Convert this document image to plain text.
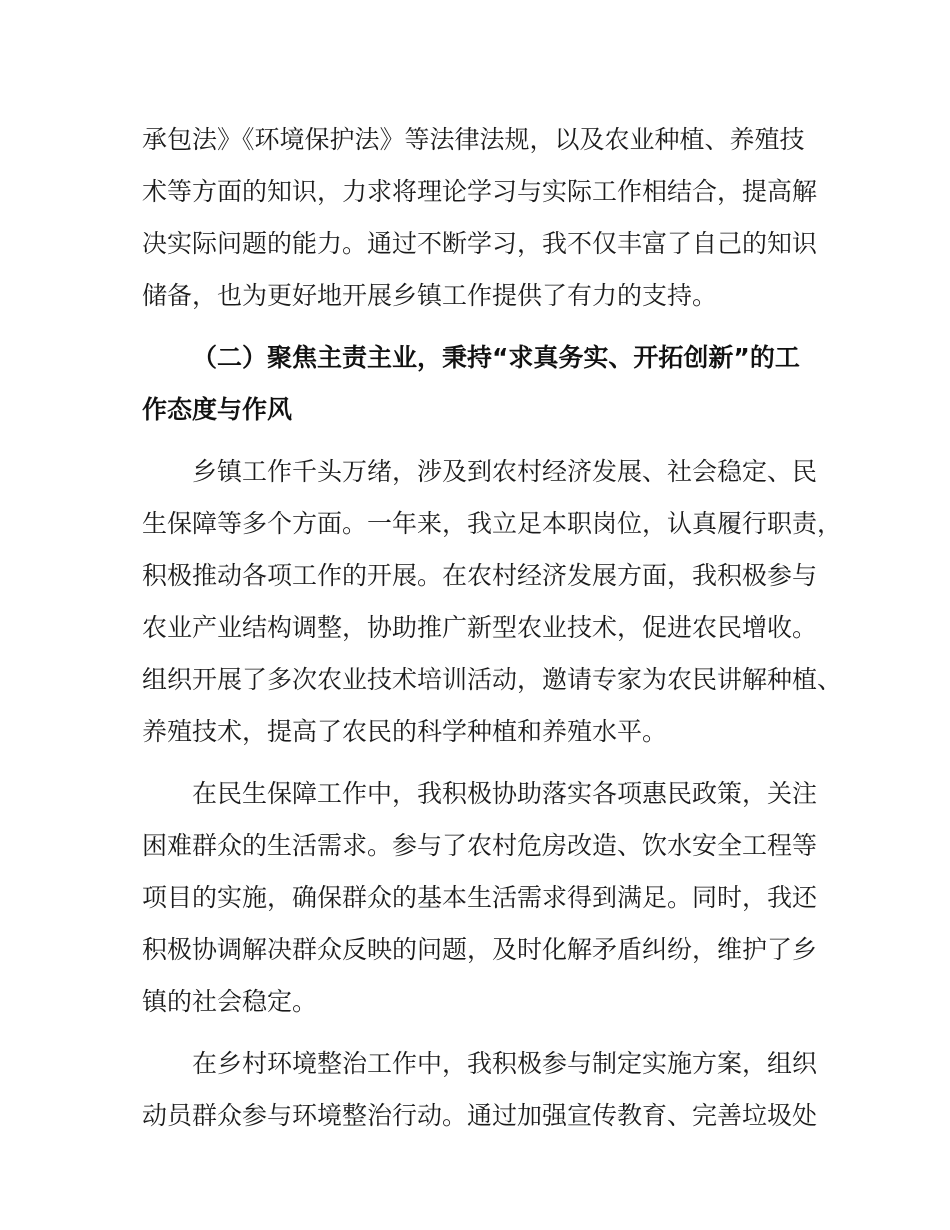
承包法》《环境保护法》等法律法规，以及农业种植、养殖技
术等方面的知识，力求将理论学习与实际工作相结合，提高解
决实际问题的能力。通过不断学习，我不仅丰富了自己的知识
储备，也为更好地开展乡镇工作提供了有力的支持。
（二）聚焦主责主业，秉持“求真务实、开拓创新”的工
作态度与作风
乡镇工作千头万绪，涉及到农村经济发展、社会稳定、民
生保障等多个方面。一年来，我立足本职岗位，认真履行职责，
积极推动各项工作的开展。在农村经济发展方面，我积极参与
农业产业结构调整，协助推广新型农业技术，促进农民增收。
组织开展了多次农业技术培训活动，邀请专家为农民讲解种植、
养殖技术，提高了农民的科学种植和养殖水平。
在民生保障工作中，我积极协助落实各项惠民政策，关注
困难群众的生活需求。参与了农村危房改造、饮水安全工程等
项目的实施，确保群众的基本生活需求得到满足。同时，我还
积极协调解决群众反映的问题，及时化解矛盾纠纷，维护了乡
镇的社会稳定。
在乡村环境整治工作中，我积极参与制定实施方案，组织
动员群众参与环境整治行动。通过加强宣传教育、完善垃圾处
